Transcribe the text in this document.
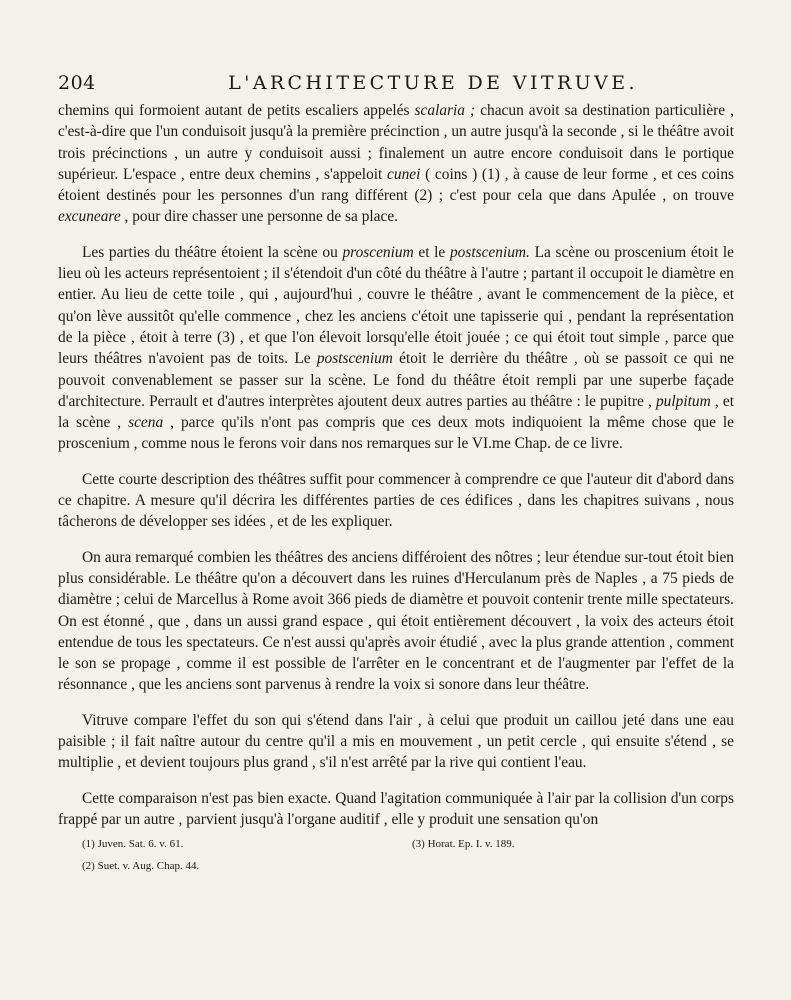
204	L'ARCHITECTURE DE VITRUVE.

chemins qui formoient autant de petits escaliers appelés scalaria ; chacun avoit sa destination particulière , c'est-à-dire que l'un conduisoit jusqu'à la première précinction , un autre jusqu'à la seconde , si le théâtre avoit trois précinctions , un autre y conduisoit aussi ; finalement un autre encore conduisoit dans le portique supérieur. L'espace , entre deux chemins , s'appeloit cunei ( coins ) (1) , à cause de leur forme , et ces coins étoient destinés pour les personnes d'un rang différent (2) ; c'est pour cela que dans Apulée , on trouve excuneare , pour dire chasser une personne de sa place.

Les parties du théâtre étoient la scène ou proscenium et le postscenium. La scène ou proscenium étoit le lieu où les acteurs représentoient ; il s'étendoit d'un côté du théâtre à l'autre ; partant il occupoit le diamètre en entier. Au lieu de cette toile , qui , aujourd'hui , couvre le théâtre , avant le commencement de la pièce, et qu'on lève aussitôt qu'elle commence , chez les anciens c'étoit une tapisserie qui , pendant la représentation de la pièce , étoit à terre (3) , et que l'on élevoit lorsqu'elle étoit jouée ; ce qui étoit tout simple , parce que leurs théâtres n'avoient pas de toits. Le postscenium étoit le derrière du théâtre , où se passoit ce qui ne pouvoit convenablement se passer sur la scène. Le fond du théâtre étoit rempli par une superbe façade d'architecture. Perrault et d'autres interprètes ajoutent deux autres parties au théâtre : le pupitre , pulpitum , et la scène , scena , parce qu'ils n'ont pas compris que ces deux mots indiquoient la même chose que le proscenium , comme nous le ferons voir dans nos remarques sur le VI.me Chap. de ce livre.

Cette courte description des théâtres suffit pour commencer à comprendre ce que l'auteur dit d'abord dans ce chapitre. A mesure qu'il décrira les différentes parties de ces édifices , dans les chapitres suivans , nous tâcherons de développer ses idées , et de les expliquer.

On aura remarqué combien les théâtres des anciens différoient des nôtres ; leur étendue sur-tout étoit bien plus considérable. Le théâtre qu'on a découvert dans les ruines d'Herculanum près de Naples , a 75 pieds de diamètre ; celui de Marcellus à Rome avoit 366 pieds de diamètre et pouvoit contenir trente mille spectateurs. On est étonné , que , dans un aussi grand espace , qui étoit entièrement découvert , la voix des acteurs étoit entendue de tous les spectateurs. Ce n'est aussi qu'après avoir étudié , avec la plus grande attention , comment le son se propage , comme il est possible de l'arrêter en le concentrant et de l'augmenter par l'effet de la résonnance , que les anciens sont parvenus à rendre la voix si sonore dans leur théâtre.

Vitruve compare l'effet du son qui s'étend dans l'air , à celui que produit un caillou jeté dans une eau paisible ; il fait naître autour du centre qu'il a mis en mouvement , un petit cercle , qui ensuite s'étend , se multiplie , et devient toujours plus grand , s'il n'est arrêté par la rive qui contient l'eau.

Cette comparaison n'est pas bien exacte. Quand l'agitation communiquée à l'air par la collision d'un corps frappé par un autre , parvient jusqu'à l'organe auditif , elle y produit une sensation qu'on

(1) Juven. Sat. 6. v. 61.
(2) Suet. v. Aug. Chap. 44.
(3) Horat. Ep. I. v. 189.
